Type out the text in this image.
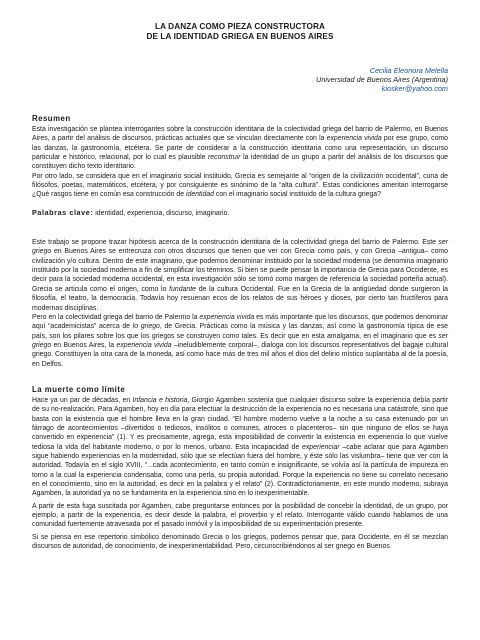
LA DANZA COMO PIEZA CONSTRUCTORA
DE LA IDENTIDAD GRIEGA EN BUENOS AIRES
Cecilia Eleonora Melella
Universidad de Buenos Aires (Argentina)
kiosker@yahoo.com
Resumen

Esta investigación se plantea interrogantes sobre la construcción identitaria de la colectividad griega del barrio de Palermo, en Buenos Aires, a partir del análisis de discursos, prácticas actuales que se vinculan directamente con la experiencia vivida por ese grupo, como las danzas, la gastronomía, etcétera. Se parte de considerar a la construcción identitaria como una representación, un discurso particular e histórico, relacional, por lo cual es plausible reconstruir la identidad de un grupo a partir del análisis de los discursos que constituyen dicho texto identitario.

Por otro lado, se considera que en el imaginario social instituido, Grecia es semejante al “origen de la civilización occidental”, cuna de filósofos, poetas, matemáticos, etcétera, y por consiguiente es sinónimo de la “alta cultura”. Estas condiciones ameritan interrogarse ¿Qué rasgos tiene en común esa construcción de identidad con el imaginario social instituido de la cultura griega?

Palabras clave: identidad, experiencia, discurso, imaginario.

Este trabajo se propone trazar hipótesis acerca de la construcción identitaria de la colectividad griega del barrio de Palermo. Este ser griego en Buenos Aires se entrecruza con otros discursos que tienen que ver con Grecia como país, y con Grecia –antigua– como civilización y/o cultura. Dentro de este imaginario, que podemos denominar instituido por la sociedad moderna (se denomina imaginario instituido por la sociedad moderna a fin de simplificar los términos. Si bien se puede pensar la importancia de Grecia para Occidente, es decir para la sociedad moderna occidental, en esta investigación sólo se tomó como margen de referencia la sociedad porteña actual). Grecia se articula como el origen, como lo fundante de la cultura Occidental. Fue en la Grecia de la antigüedad donde surgieron la filosofía, el teatro, la democracia. Todavía hoy resuenan ecos de los relatos de sus héroes y dioses, por cierto tan fructíferos para modernas disciplinas.

Pero en la colectividad griega del barrio de Palermo la experiencia vivida es más importante que los discursos, que podemos denominar aquí “academicistas” acerca de lo griego, de Grecia. Prácticas como la música y las danzas, así como la gastronomía típica de ese país, son los pilares sobre los que los griegos se construyen como tales. Es decir que en esta amalgama, en el imaginario que es ser griego en Buenos Aires, la experiencia vivida –ineludiblemente corporal–, dialoga con los discursos representativos del bagaje cultural griego. Constituyen la otra cara de la moneda, así como hace más de tres mil años el dios del delirio místico suplantaba al de la poesía, en Delfos.

La muerte como límite

Hace ya un par de décadas, en Infancia e historia, Giorgio Agamben sostenía que cualquier discurso sobre la experiencia debía partir de su no-realización. Para Agamben, hoy en día para efectuar la destrucción de la experiencia no es necesaria una catástrofe, sino que basta con la existencia que el hombre lleva en la gran ciudad. “El hombre moderno vuelve a la noche a su casa extenuado por un fárrago de acontecimientos –divertidos o tediosos, insólitos o comunes, atroces o placenteros– sin que ninguno de ellos se haya convertido en experiencia” (1). Y es precisamente, agrega, esta imposibilidad de convertir la existencia en experiencia lo que vuelve tediosa la vida del habitante moderno, o por lo menos, urbano. Esta incapacidad de experienciar –cabe aclarar que para Agamben sigue habiendo experiencias en la modernidad, sólo que se efectúan fuera del hombre, y éste sólo las vislumbra– tiene que ver con la autoridad. Todavía en el siglo XVIII, “...cada acontecimiento, en tanto común e insignificante, se volvía así la partícula de impureza en torno a la cual la experiencia condensaba, como una perla, su propia autoridad. Porque la experiencia no tiene su correlato necesario en el conocimiento, sino en la autoridad, es decir en la palabra y el relato” (2). Contradictoriamente, en este mundo moderno, subraya Agamben, la autoridad ya no se fundamenta en la experiencia sino en lo inexperimentable.

A partir de esta fuga suscitada por Agamben, cabe preguntarse entonces por la posibilidad de concebir la identidad, de un grupo, por ejemplo, a partir de la experiencia, es decir desde la palabra, el proverbio y el relato. Interrogante válido cuando hablamos de una comunidad fuertemente atravesada por el pasado inmóvil y la imposibilidad de su experimentación presente.

Si se piensa en ese repertorio simbólico denominado Grecia o los griegos, podemos pensar que, para Occidente, en él se mezclan discursos de autoridad, de conocimiento, de inexperimentabilidad. Pero, circunscribiéndonos al ser griego en Buenos
